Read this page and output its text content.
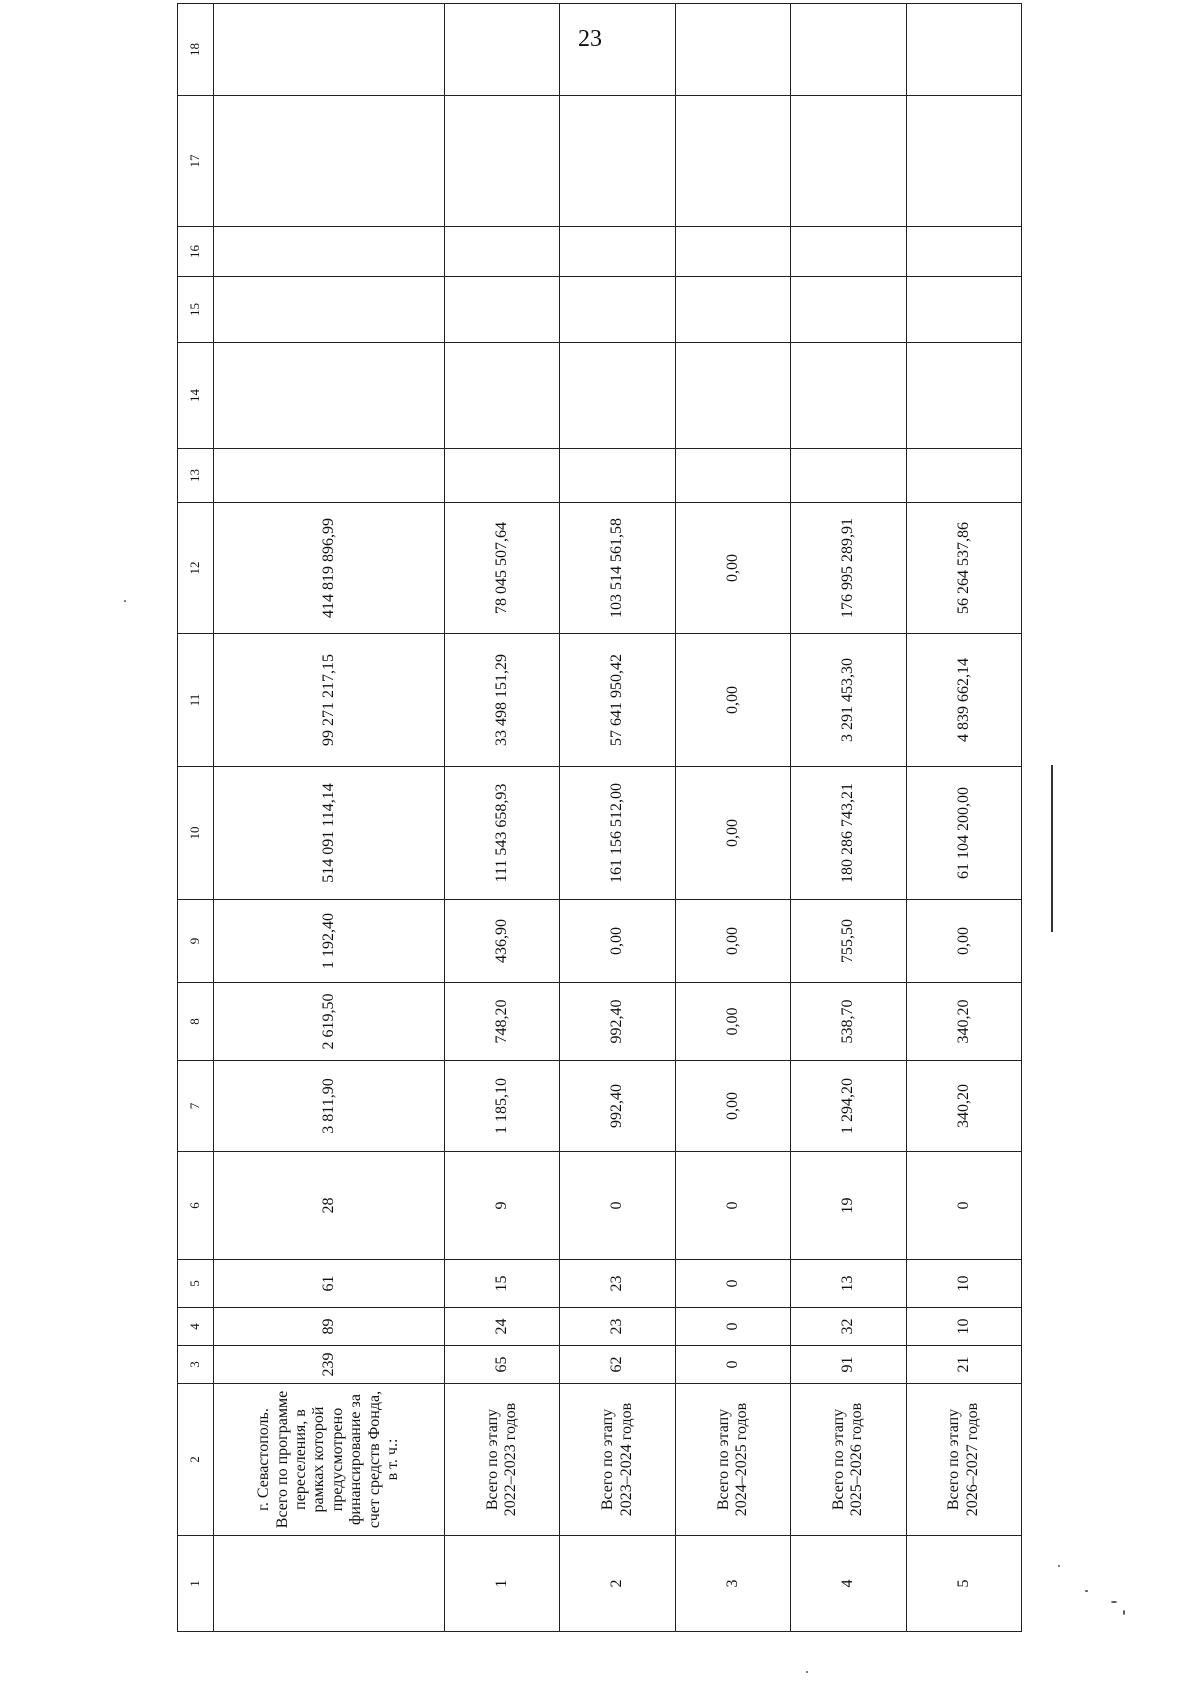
23
1	2	3	4	5	6	7	8	9	10	11	12	13	14	15	16	17	18
	г. Севастополь. Всего по программе переселения, в рамках которой предусмотрено финансирование за счет средств Фонда, в т. ч.:	239	89	61	28	3 811,90	2 619,50	1 192,40	514 091 114,14	99 271 217,15	414 819 896,99						
1	Всего по этапу 2022–2023 годов	65	24	15	9	1 185,10	748,20	436,90	111 543 658,93	33 498 151,29	78 045 507,64						
2	Всего по этапу 2023–2024 годов	62	23	23	0	992,40	992,40	0,00	161 156 512,00	57 641 950,42	103 514 561,58						
3	Всего по этапу 2024–2025 годов	0	0	0	0	0,00	0,00	0,00	0,00	0,00	0,00						
4	Всего по этапу 2025–2026 годов	91	32	13	19	1 294,20	538,70	755,50	180 286 743,21	3 291 453,30	176 995 289,91						
5	Всего по этапу 2026–2027 годов	21	10	10	0	340,20	340,20	0,00	61 104 200,00	4 839 662,14	56 264 537,86						
